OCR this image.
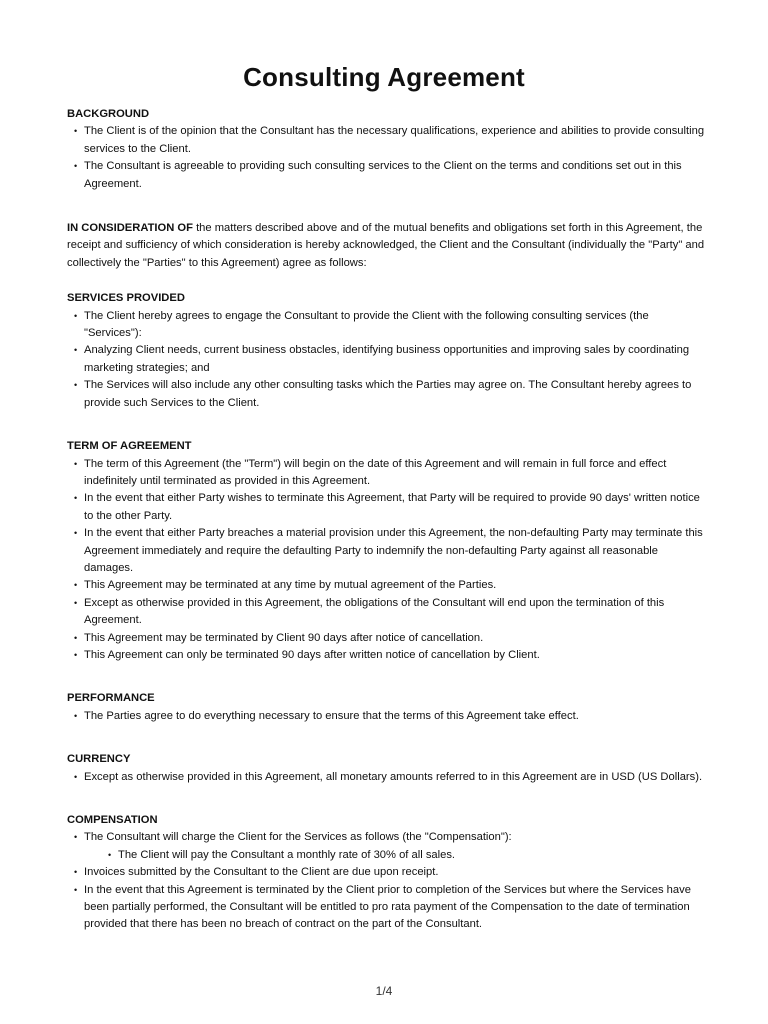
Consulting Agreement
BACKGROUND
• The Client is of the opinion that the Consultant has the necessary qualifications, experience and abilities to provide consulting services to the Client.
• The Consultant is agreeable to providing such consulting services to the Client on the terms and conditions set out in this Agreement.

IN CONSIDERATION OF the matters described above and of the mutual benefits and obligations set forth in this Agreement, the receipt and sufficiency of which consideration is hereby acknowledged, the Client and the Consultant (individually the "Party" and collectively the "Parties" to this Agreement) agree as follows:

SERVICES PROVIDED
• The Client hereby agrees to engage the Consultant to provide the Client with the following consulting services (the "Services"):
• Analyzing Client needs, current business obstacles, identifying business opportunities and improving sales by coordinating marketing strategies; and
• The Services will also include any other consulting tasks which the Parties may agree on. The Consultant hereby agrees to provide such Services to the Client.
TERM OF AGREEMENT
• The term of this Agreement (the "Term") will begin on the date of this Agreement and will remain in full force and effect indefinitely until terminated as provided in this Agreement.
• In the event that either Party wishes to terminate this Agreement, that Party will be required to provide 90 days' written notice to the other Party.
• In the event that either Party breaches a material provision under this Agreement, the non-defaulting Party may terminate this Agreement immediately and require the defaulting Party to indemnify the non-defaulting Party against all reasonable damages.
• This Agreement may be terminated at any time by mutual agreement of the Parties.
• Except as otherwise provided in this Agreement, the obligations of the Consultant will end upon the termination of this Agreement.
• This Agreement may be terminated by Client 90 days after notice of cancellation.
• This Agreement can only be terminated 90 days after written notice of cancellation by Client.
PERFORMANCE
• The Parties agree to do everything necessary to ensure that the terms of this Agreement take effect.
CURRENCY
• Except as otherwise provided in this Agreement, all monetary amounts referred to in this Agreement are in USD (US Dollars).
COMPENSATION
• The Consultant will charge the Client for the Services as follows (the "Compensation"):
• The Client will pay the Consultant a monthly rate of 30% of all sales.
• Invoices submitted by the Consultant to the Client are due upon receipt.
• In the event that this Agreement is terminated by the Client prior to completion of the Services but where the Services have been partially performed, the Consultant will be entitled to pro rata payment of the Compensation to the date of termination provided that there has been no breach of contract on the part of the Consultant.
1/4
